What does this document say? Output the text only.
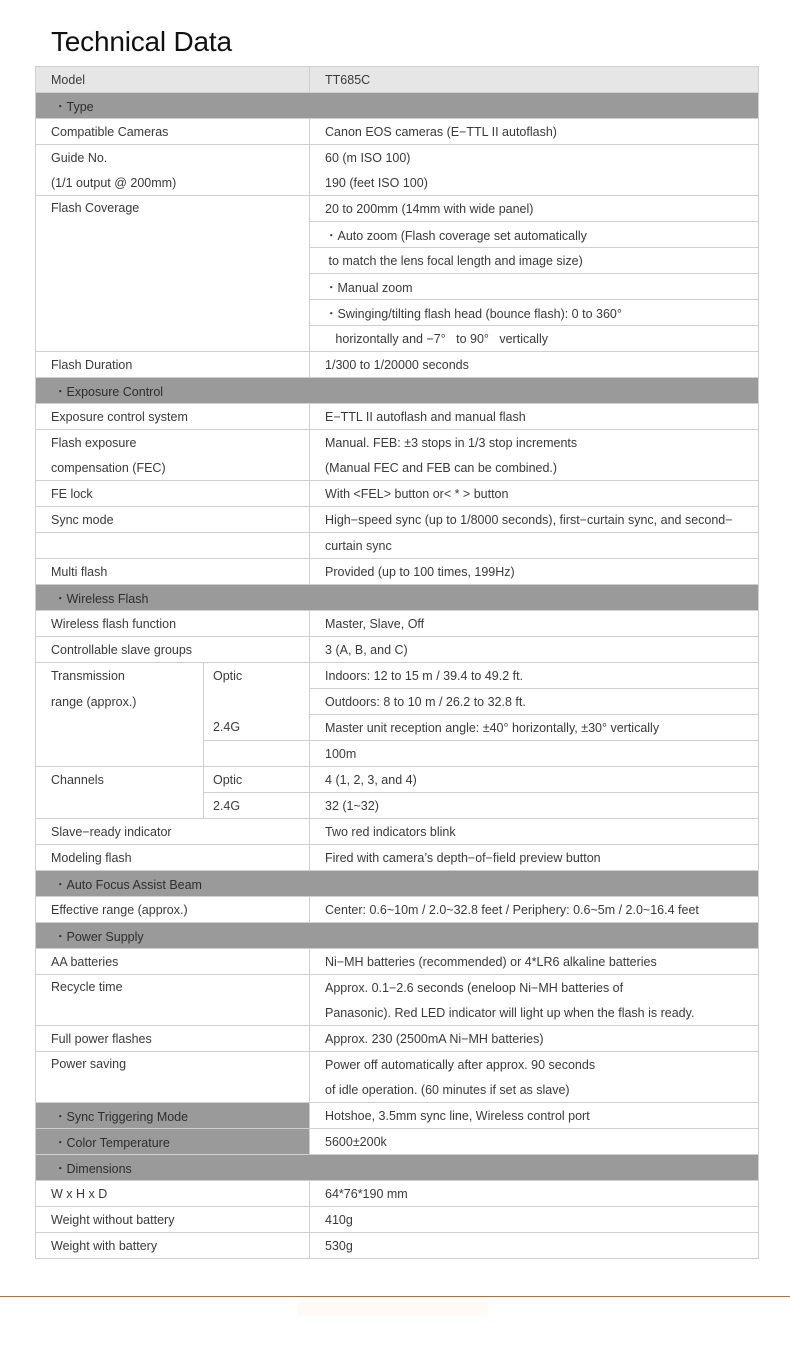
Technical Data
Model		TT685C
・Type		
Compatible Cameras		Canon EOS cameras (E−TTL II autoflash)
Guide No.		60 (m ISO 100)
(1/1 output @ 200mm)		190 (feet ISO 100)
Flash Coverage		20 to 200mm (14mm with wide panel)
		・Auto zoom (Flash coverage set automatically
		to match the lens focal length and image size)
		・Manual zoom
		・Swinging/tilting flash head (bounce flash): 0 to 360°
		horizontally and −7°   to 90°   vertically
Flash Duration		1/300 to 1/20000 seconds
・Exposure Control		
Exposure control system		E−TTL II autoflash and manual flash
Flash exposure		Manual. FEB: ±3 stops in 1/3 stop increments
compensation (FEC)		(Manual FEC and FEB can be combined.)
FE lock		With <FEL> button or< * > button
Sync mode		High−speed sync (up to 1/8000 seconds), first−curtain sync, and second−
		curtain sync
Multi flash		Provided (up to 100 times, 199Hz)
・Wireless Flash		
Wireless flash function		Master, Slave, Off
Controllable slave groups		3 (A, B, and C)
Transmission	Optic	Indoors: 12 to 15 m / 39.4 to 49.2 ft.
range (approx.)		Outdoors: 8 to 10 m / 26.2 to 32.8 ft.
	2.4G	Master unit reception angle: ±40° horizontally, ±30° vertically
		100m
Channels	Optic	4 (1, 2, 3, and 4)
	2.4G	32 (1~32)
Slave−ready indicator		Two red indicators blink
Modeling flash		Fired with camera’s depth−of−field preview button
・Auto Focus Assist Beam		
Effective range (approx.)		Center: 0.6~10m / 2.0~32.8 feet / Periphery: 0.6~5m / 2.0~16.4 feet
・Power Supply		
AA batteries		Ni−MH batteries (recommended) or 4*LR6 alkaline batteries
Recycle time		Approx. 0.1−2.6 seconds (eneloop Ni−MH batteries of
		Panasonic). Red LED indicator will light up when the flash is ready.
Full power flashes		Approx. 230 (2500mA Ni−MH batteries)
Power saving		Power off automatically after approx. 90 seconds
		of idle operation. (60 minutes if set as slave)
・Sync Triggering Mode		Hotshoe, 3.5mm sync line, Wireless control port
・Color Temperature		5600±200k
・Dimensions		
W x H x D		64*76*190 mm
Weight without battery		410g
Weight with battery		530g
